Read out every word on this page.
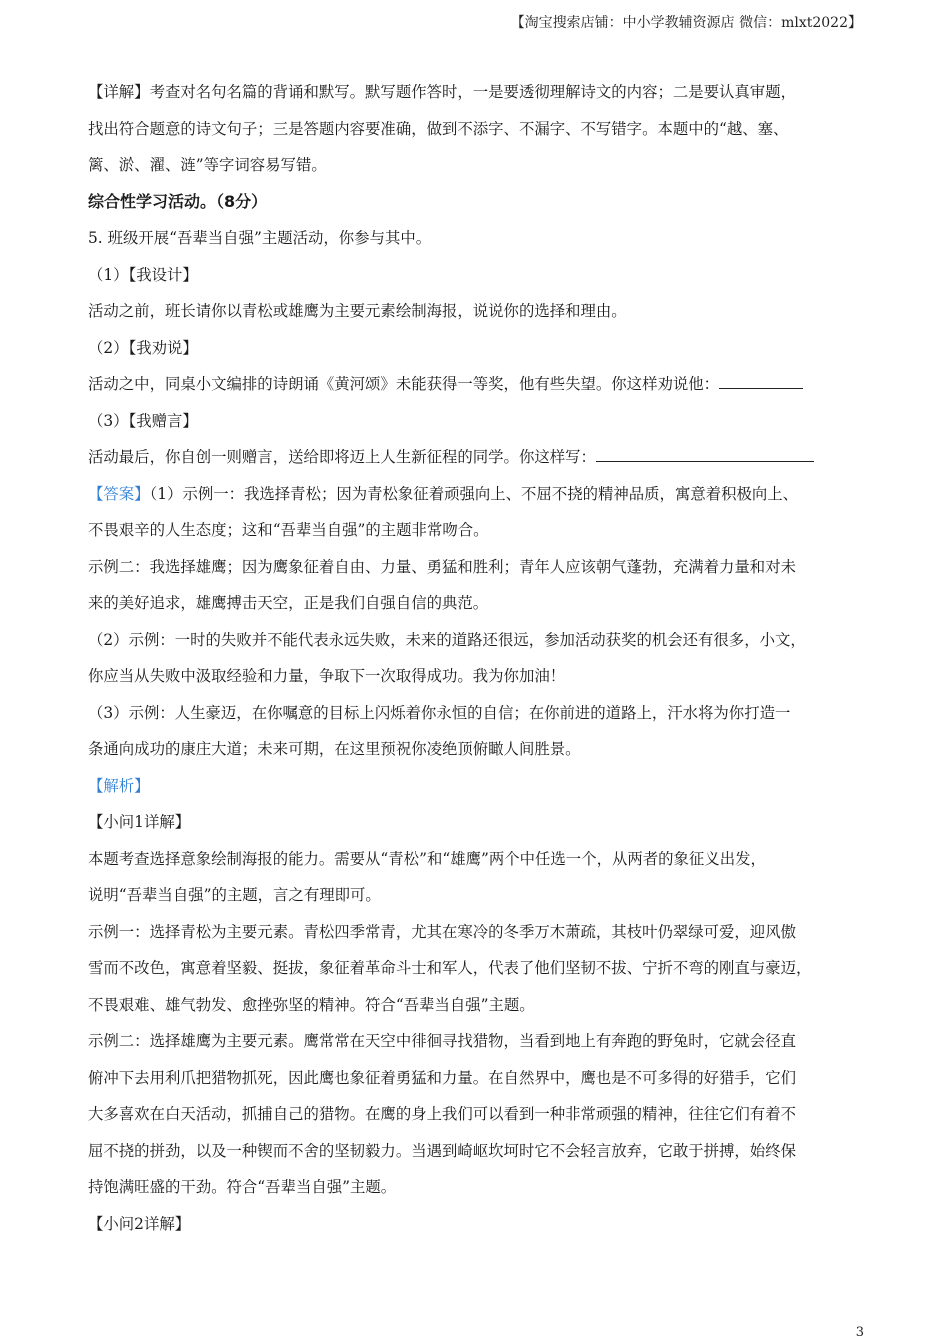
【淘宝搜索店铺：中小学教辅资源店 微信：mlxt2022】
【详解】考查对名句名篇的背诵和默写。默写题作答时，一是要透彻理解诗文的内容；二是要认真审题，
找出符合题意的诗文句子；三是答题内容要准确，做到不添字、不漏字、不写错字。本题中的“越、塞、
篱、淤、濯、涟”等字词容易写错。
综合性学习活动。（8分）
5. 班级开展“吾辈当自强”主题活动，你参与其中。
（1）【我设计】
活动之前，班长请你以青松或雄鹰为主要元素绘制海报，说说你的选择和理由。
（2）【我劝说】
活动之中，同桌小文编排的诗朗诵《黄河颂》未能获得一等奖，他有些失望。你这样劝说他：
（3）【我赠言】
活动最后，你自创一则赠言，送给即将迈上人生新征程的同学。你这样写：
【答案】（1）示例一：我选择青松；因为青松象征着顽强向上、不屈不挠的精神品质，寓意着积极向上、
不畏艰辛的人生态度；这和“吾辈当自强”的主题非常吻合。
示例二：我选择雄鹰；因为鹰象征着自由、力量、勇猛和胜利；青年人应该朝气蓬勃，充满着力量和对未
来的美好追求，雄鹰搏击天空，正是我们自强自信的典范。
（2）示例：一时的失败并不能代表永远失败，未来的道路还很远，参加活动获奖的机会还有很多，小文，
你应当从失败中汲取经验和力量，争取下一次取得成功。我为你加油！
（3）示例：人生豪迈，在你嘱意的目标上闪烁着你永恒的自信；在你前进的道路上，汗水将为你打造一
条通向成功的康庄大道；未来可期，在这里预祝你凌绝顶俯瞰人间胜景。
【解析】
【小问1详解】
本题考查选择意象绘制海报的能力。需要从“青松”和“雄鹰”两个中任选一个，从两者的象征义出发，
说明“吾辈当自强”的主题，言之有理即可。
示例一：选择青松为主要元素。青松四季常青，尤其在寒冷的冬季万木萧疏，其枝叶仍翠绿可爱，迎风傲
雪而不改色，寓意着坚毅、挺拔，象征着革命斗士和军人，代表了他们坚韧不拔、宁折不弯的刚直与豪迈，
不畏艰难、雄气勃发、愈挫弥坚的精神。符合“吾辈当自强”主题。
示例二：选择雄鹰为主要元素。鹰常常在天空中徘徊寻找猎物，当看到地上有奔跑的野兔时，它就会径直
俯冲下去用利爪把猎物抓死，因此鹰也象征着勇猛和力量。在自然界中，鹰也是不可多得的好猎手，它们
大多喜欢在白天活动，抓捕自己的猎物。在鹰的身上我们可以看到一种非常顽强的精神，往往它们有着不
屈不挠的拼劲，以及一种锲而不舍的坚韧毅力。当遇到崎岖坎坷时它不会轻言放弃，它敢于拼搏，始终保
持饱满旺盛的干劲。符合“吾辈当自强”主题。
【小问2详解】
3
